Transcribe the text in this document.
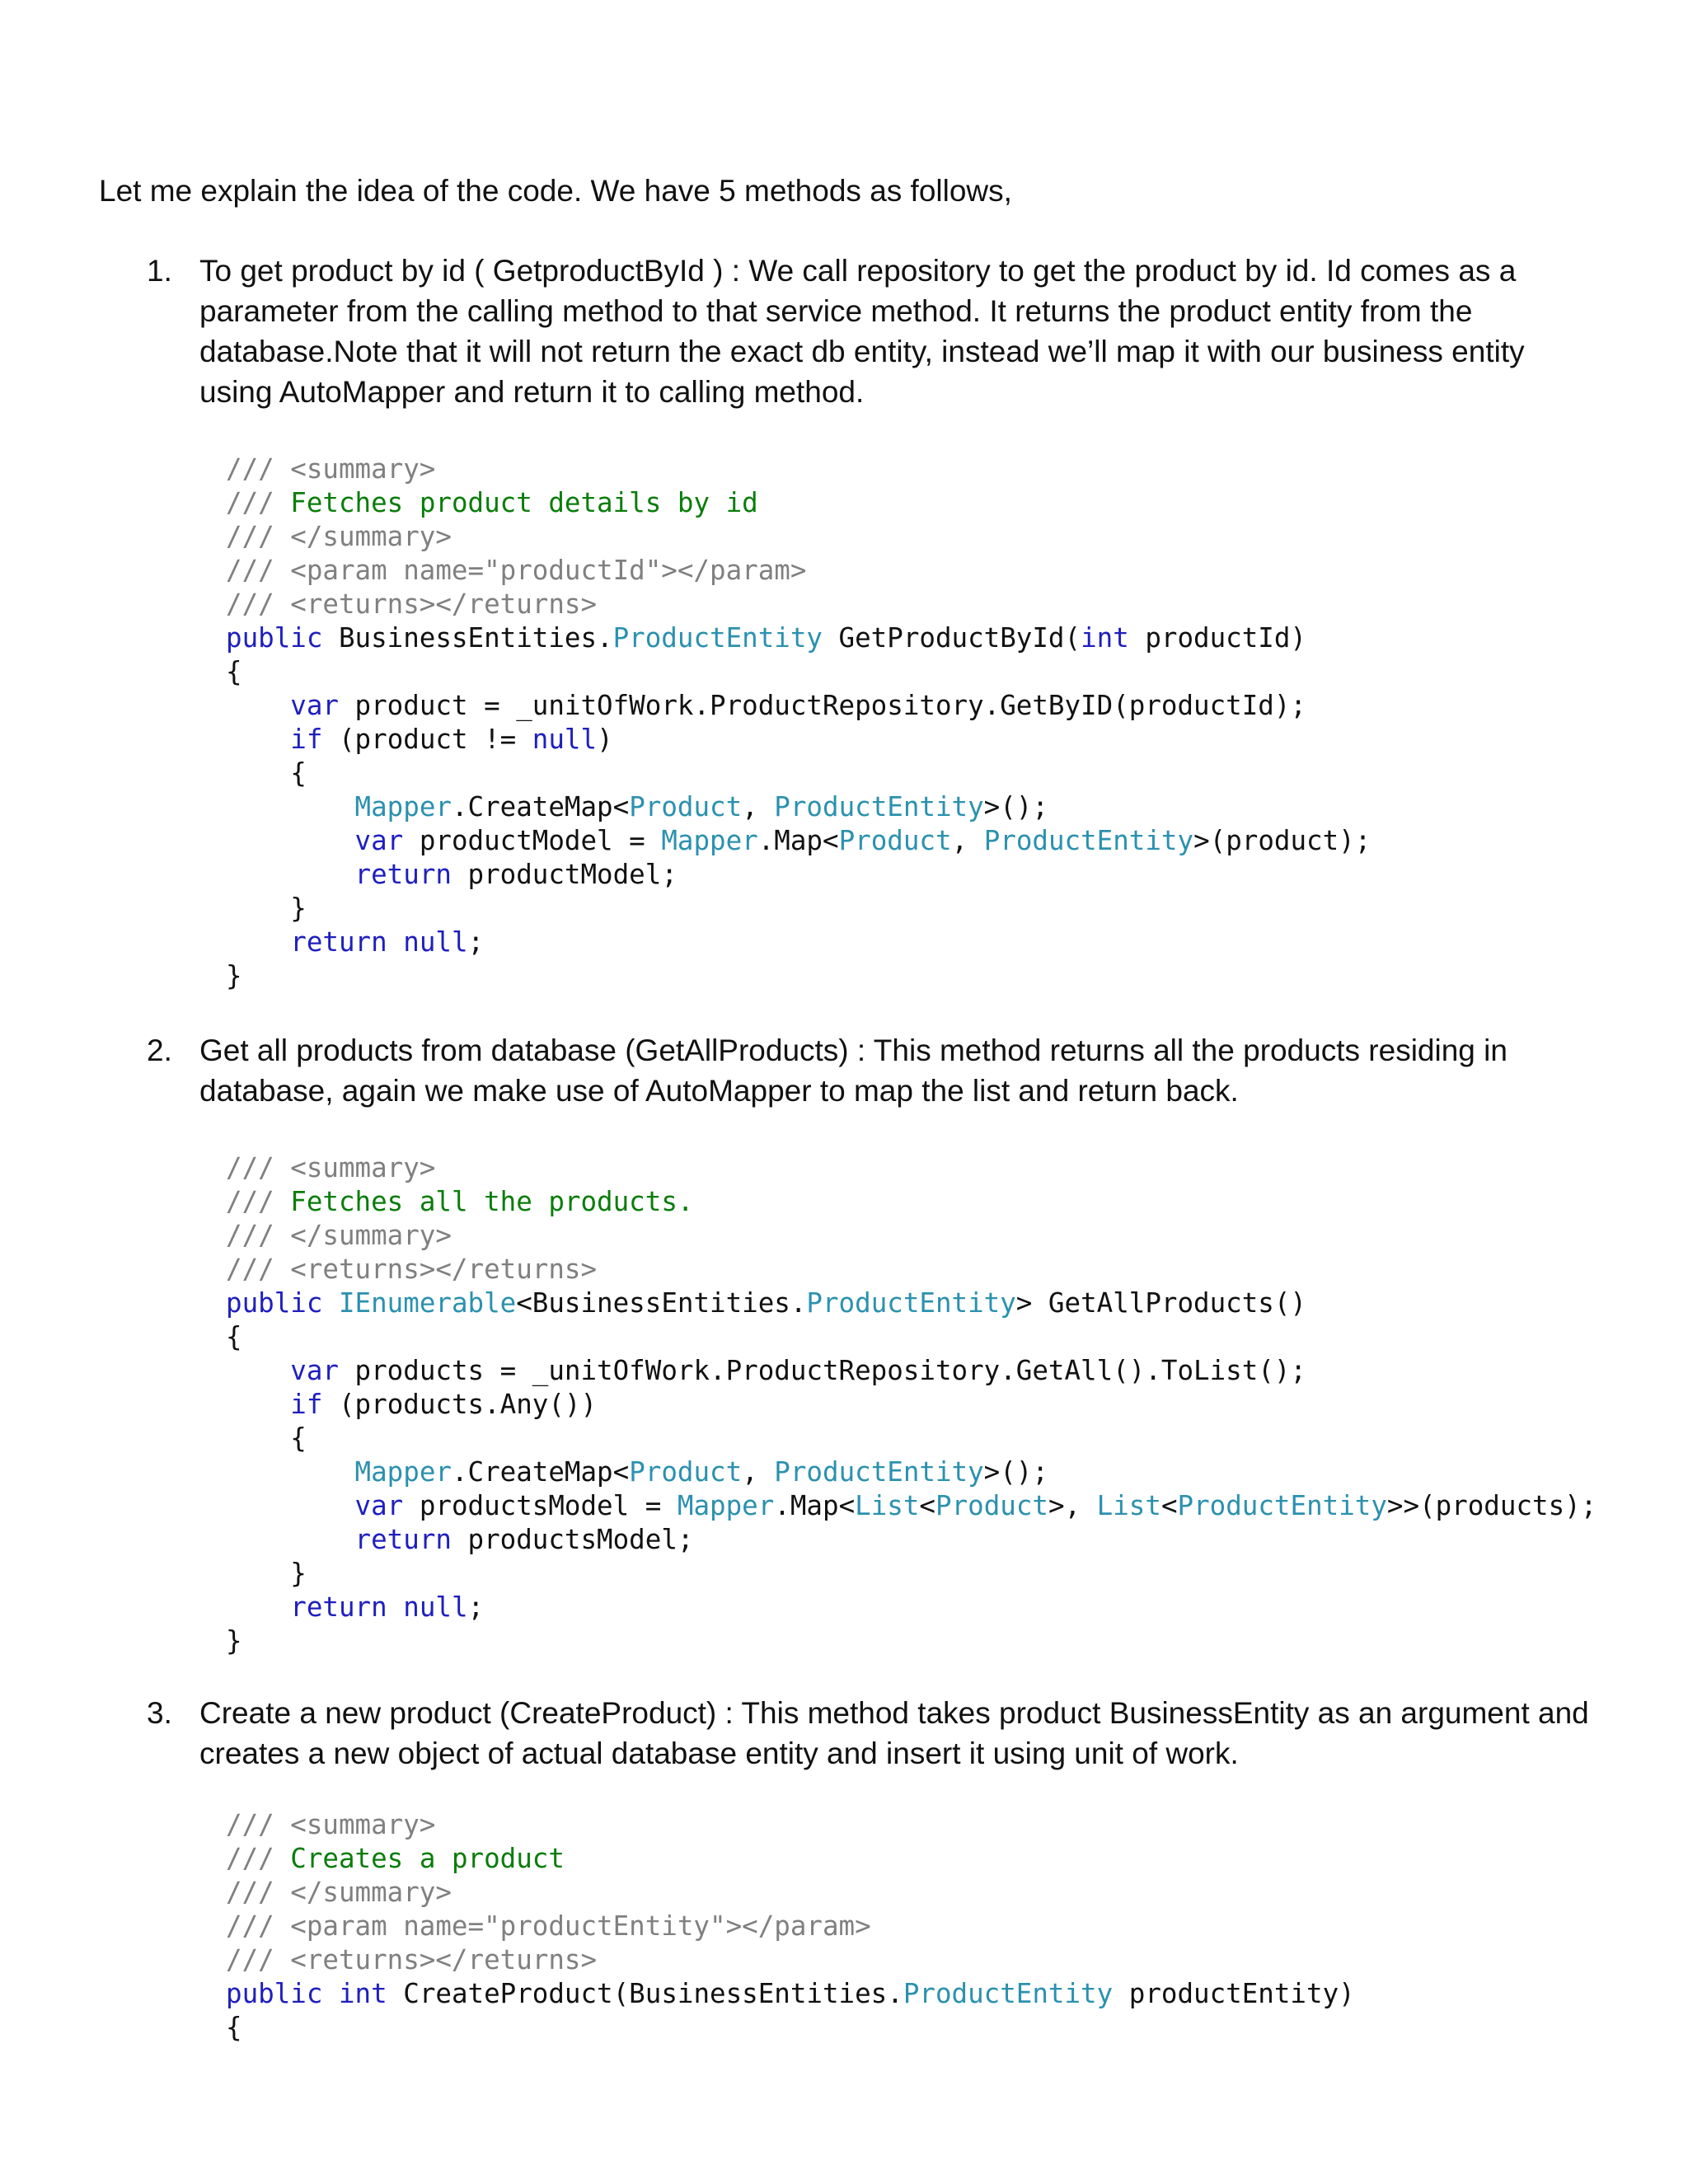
Let me explain the idea of the code. We have 5 methods as follows,
1. To get product by id ( GetproductById ) : We call repository to get the product by id. Id comes as a
parameter from the calling method to that service method. It returns the product entity from the
database.Note that it will not return the exact db entity, instead we’ll map it with our business entity
using AutoMapper and return it to calling method.
/// <summary>
/// Fetches product details by id
/// </summary>
/// <param name="productId"></param>
/// <returns></returns>
public BusinessEntities.ProductEntity GetProductById(int productId)
{
var product = _unitOfWork.ProductRepository.GetByID(productId);
if (product != null)
{
Mapper.CreateMap<Product, ProductEntity>();
var productModel = Mapper.Map<Product, ProductEntity>(product);
return productModel;
}
return null;
}
2. Get all products from database (GetAllProducts) : This method returns all the products residing in
database, again we make use of AutoMapper to map the list and return back.
/// <summary>
/// Fetches all the products.
/// </summary>
/// <returns></returns>
public IEnumerable<BusinessEntities.ProductEntity> GetAllProducts()
{
var products = _unitOfWork.ProductRepository.GetAll().ToList();
if (products.Any())
{
Mapper.CreateMap<Product, ProductEntity>();
var productsModel = Mapper.Map<List<Product>, List<ProductEntity>>(products);
return productsModel;
}
return null;
}
3. Create a new product (CreateProduct) : This method takes product BusinessEntity as an argument and
creates a new object of actual database entity and insert it using unit of work.
/// <summary>
/// Creates a product
/// </summary>
/// <param name="productEntity"></param>
/// <returns></returns>
public int CreateProduct(BusinessEntities.ProductEntity productEntity)
{
